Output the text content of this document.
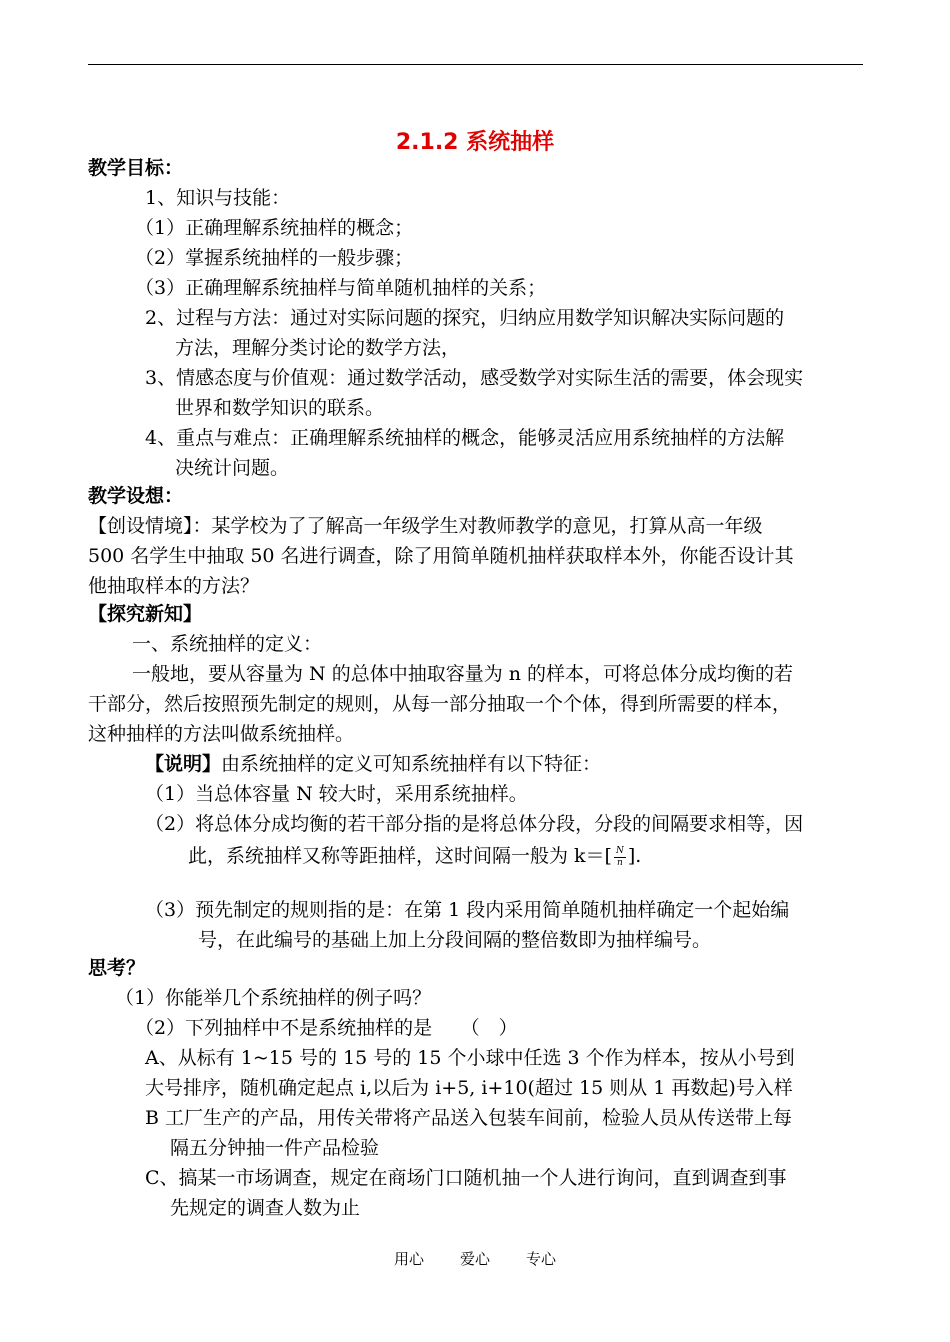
2.1.2 系统抽样
教学目标：
1、知识与技能：
（1）正确理解系统抽样的概念；
（2）掌握系统抽样的一般步骤；
（3）正确理解系统抽样与简单随机抽样的关系；
2、过程与方法：通过对实际问题的探究，归纳应用数学知识解决实际问题的
方法，理解分类讨论的数学方法，
3、情感态度与价值观：通过数学活动，感受数学对实际生活的需要，体会现实
世界和数学知识的联系。
4、重点与难点：正确理解系统抽样的概念，能够灵活应用系统抽样的方法解
决统计问题。
教学设想：
【创设情境】：某学校为了了解高一年级学生对教师教学的意见，打算从高一年级
500 名学生中抽取 50 名进行调查，除了用简单随机抽样获取样本外，你能否设计其
他抽取样本的方法？
【探究新知】
一、系统抽样的定义：
一般地，要从容量为 N 的总体中抽取容量为 n 的样本，可将总体分成均衡的若
干部分，然后按照预先制定的规则，从每一部分抽取一个个体，得到所需要的样本，
这种抽样的方法叫做系统抽样。
【说明】由系统抽样的定义可知系统抽样有以下特征：
（1）当总体容量 N 较大时，采用系统抽样。
（2）将总体分成均衡的若干部分指的是将总体分段，分段的间隔要求相等，因
此，系统抽样又称等距抽样，这时间隔一般为 $k=[ \frac{N}{n}$ ].
（3）预先制定的规则指的是：在第 1 段内采用简单随机抽样确定一个起始编
号，在此编号的基础上加上分段间隔的整倍数即为抽样编号。
思考？
（1）你能举几个系统抽样的例子吗？
（2）下列抽样中不是系统抽样的是　　（　）
A、从标有 1~15 号的 15 号的 15 个小球中任选 3 个作为样本，按从小号到
大号排序，随机确定起点 i,以后为 i+5, i+10(超过 15 则从 1 再数起)号入样
B 工厂生产的产品，用传关带将产品送入包装车间前，检验人员从传送带上每
隔五分钟抽一件产品检验
C、搞某一市场调查，规定在商场门口随机抽一个人进行询问，直到调查到事
先规定的调查人数为止
用心 爱心 专心
